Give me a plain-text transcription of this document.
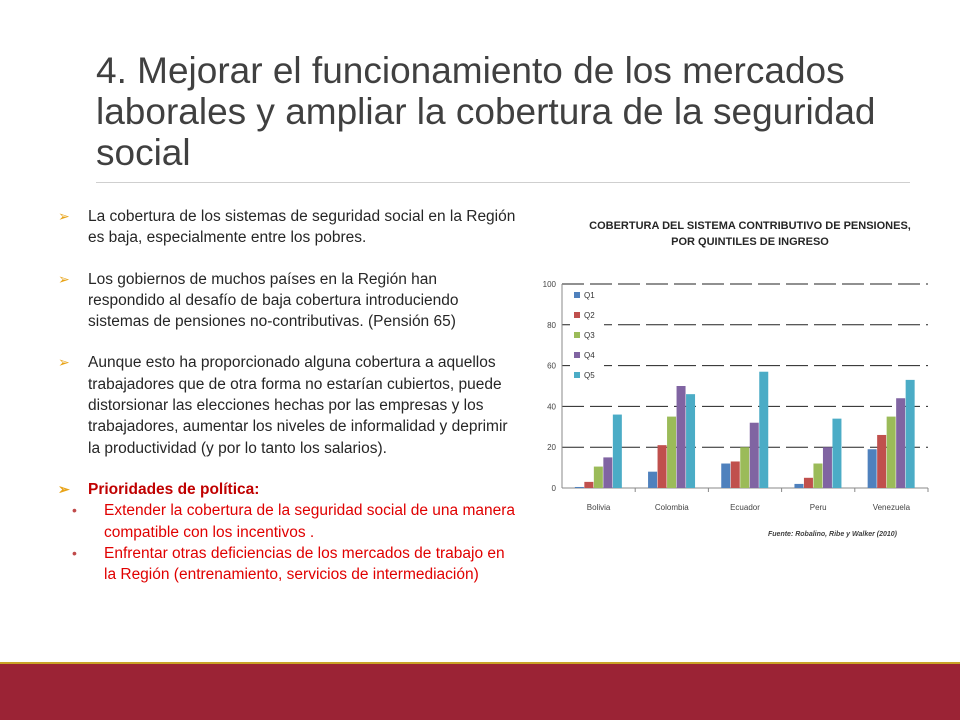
4. Mejorar el funcionamiento de los mercados laborales y ampliar la cobertura de la seguridad social
➢ La cobertura de los sistemas de seguridad social en la Región es baja, especialmente entre los pobres.
➢ Los gobiernos de muchos países en la Región han respondido al desafío de baja cobertura introduciendo sistemas de pensiones no-contributivas. (Pensión 65)
➢ Aunque esto ha proporcionado alguna cobertura a aquellos trabajadores que de otra forma no estarían cubiertos, puede distorsionar las elecciones hechas por las empresas y los trabajadores, aumentar los niveles de informalidad y deprimir la productividad (y por lo tanto los salarios).
➢ Prioridades de política:
• Extender la cobertura de la seguridad social de una manera compatible con los incentivos .
• Enfrentar otras deficiencias de los mercados de trabajo en la Región (entrenamiento, servicios de intermediación)
COBERTURA DEL SISTEMA CONTRIBUTIVO DE PENSIONES, POR QUINTILES DE INGRESO
0
20
40
60
80
100
Bolivia	Colombia	Ecuador	Peru	Venezuela
Q1
Q2
Q3
Q4
Q5
Fuente: Robalino, Ribe y Walker (2010)
